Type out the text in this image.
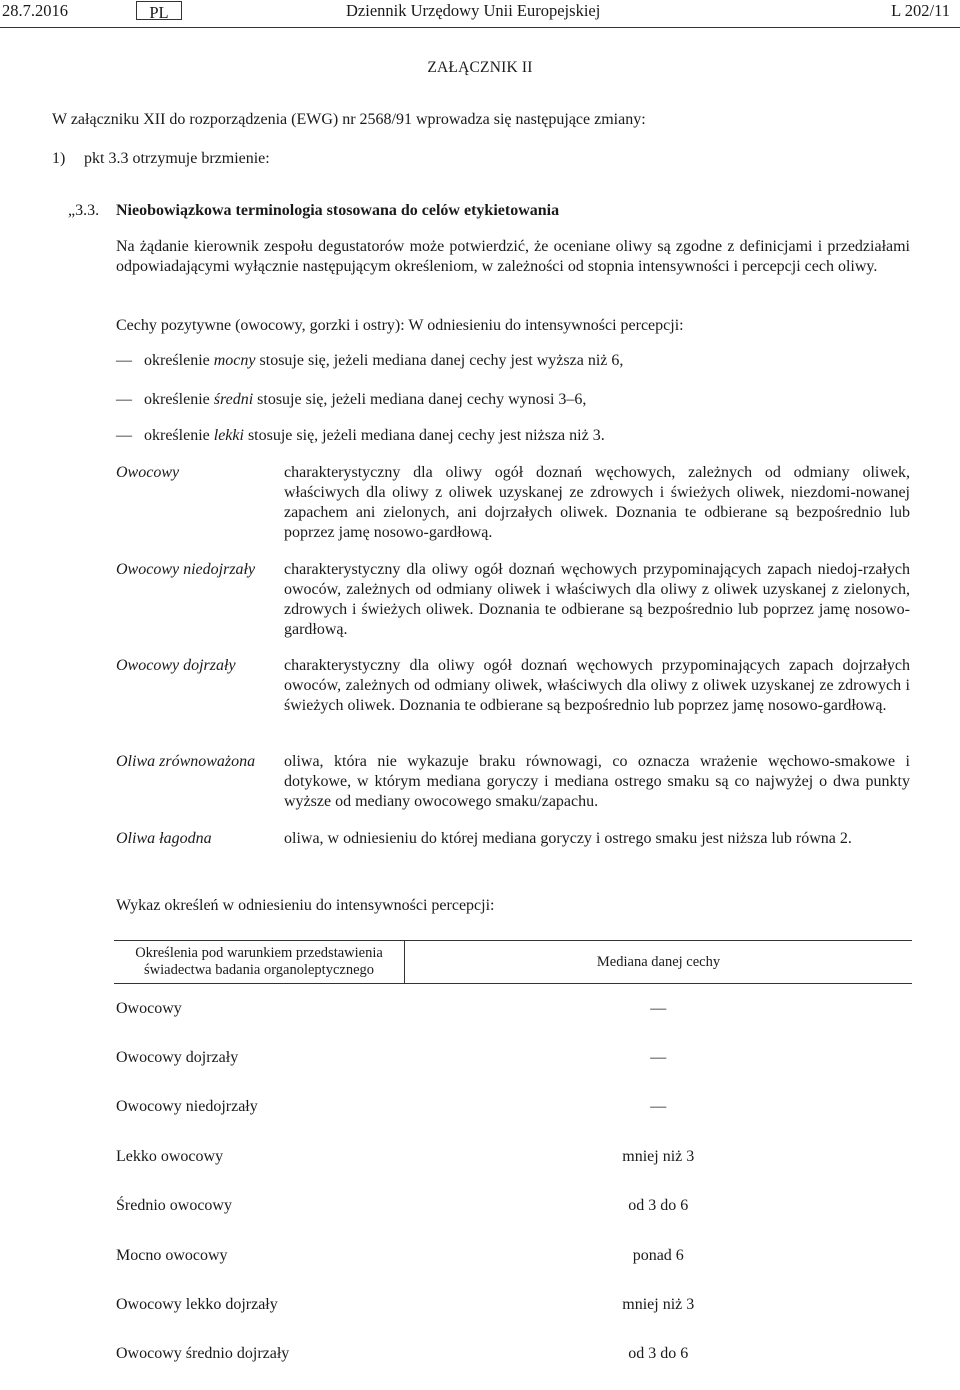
28.7.2016	PL	Dziennik Urzędowy Unii Europejskiej	L 202/11
ZAŁĄCZNIK II
W załączniku XII do rozporządzenia (EWG) nr 2568/91 wprowadza się następujące zmiany:
1) pkt 3.3 otrzymuje brzmienie:
„3.3. Nieobowiązkowa terminologia stosowana do celów etykietowania
Na żądanie kierownik zespołu degustatorów może potwierdzić, że oceniane oliwy są zgodne z definicjami i przedziałami odpowiadającymi wyłącznie następującym określeniom, w zależności od stopnia intensywności i percepcji cech oliwy.
Cechy pozytywne (owocowy, gorzki i ostry): W odniesieniu do intensywności percepcji:
— określenie mocny stosuje się, jeżeli mediana danej cechy jest wyższa niż 6,
— określenie średni stosuje się, jeżeli mediana danej cechy wynosi 3–6,
— określenie lekki stosuje się, jeżeli mediana danej cechy jest niższa niż 3.
Owocowy	charakterystyczny dla oliwy ogół doznań węchowych, zależnych od odmiany oliwek, właściwych dla oliwy z oliwek uzyskanej ze zdrowych i świeżych oliwek, niezdomi-nowanej zapachem ani zielonych, ani dojrzałych oliwek. Doznania te odbierane są bezpośrednio lub poprzez jamę nosowo-gardłową.
Owocowy niedojrzały	charakterystyczny dla oliwy ogół doznań węchowych przypominających zapach niedoj-rzałych owoców, zależnych od odmiany oliwek i właściwych dla oliwy z oliwek uzyskanej z zielonych, zdrowych i świeżych oliwek. Doznania te odbierane są bezpośrednio lub poprzez jamę nosowo-gardłową.
Owocowy dojrzały	charakterystyczny dla oliwy ogół doznań węchowych przypominających zapach dojrzałych owoców, zależnych od odmiany oliwek, właściwych dla oliwy z oliwek uzyskanej ze zdrowych i świeżych oliwek. Doznania te odbierane są bezpośrednio lub poprzez jamę nosowo-gardłową.
Oliwa zrównoważona	oliwa, która nie wykazuje braku równowagi, co oznacza wrażenie węchowo-smakowe i dotykowe, w którym mediana goryczy i mediana ostrego smaku są co najwyżej o dwa punkty wyższe od mediany owocowego smaku/zapachu.
Oliwa łagodna	oliwa, w odniesieniu do której mediana goryczy i ostrego smaku jest niższa lub równa 2.
Wykaz określeń w odniesieniu do intensywności percepcji:
Określenia pod warunkiem przedstawienia świadectwa badania organoleptycznego	Mediana danej cechy
Owocowy	—
Owocowy dojrzały	—
Owocowy niedojrzały	—
Lekko owocowy	mniej niż 3
Średnio owocowy	od 3 do 6
Mocno owocowy	ponad 6
Owocowy lekko dojrzały	mniej niż 3
Owocowy średnio dojrzały	od 3 do 6
